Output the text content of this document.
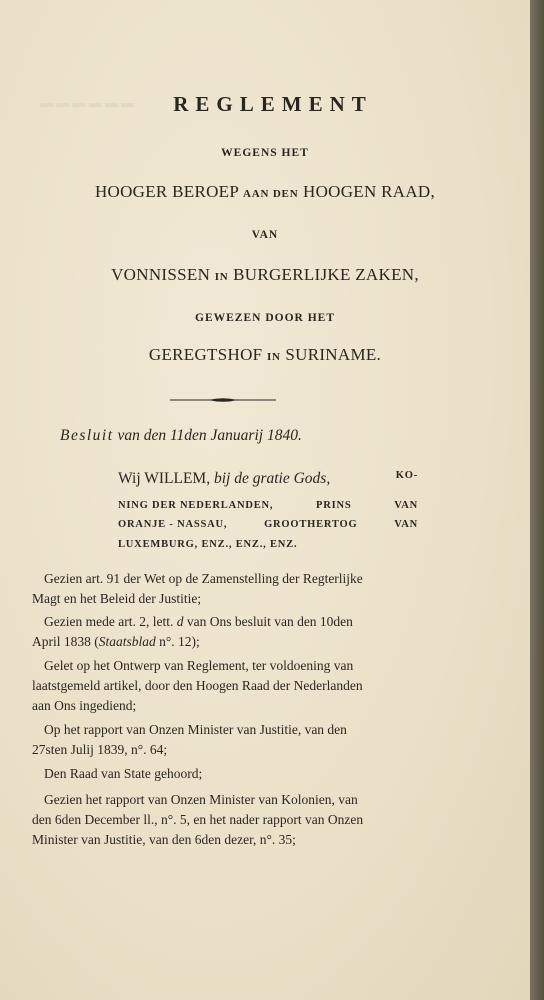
▬ ▬ ▬ ▬ ▬ ▬	REGLEMENT
WEGENS HET
HOOGER BEROEP AAN DEN HOOGEN RAAD,
VAN
VONNISSEN IN BURGERLIJKE ZAKEN,
GEWEZEN DOOR HET
GEREGTSHOF IN SURINAME.
Besluit van den 11den Januarij 1840.
Wij WILLEM, bij de gratie Gods,	KO-
NING DER NEDERLANDEN,	PRINS	VAN
ORANJE - NASSAU,	GROOTHERTOG	VAN
LUXEMBURG, ENZ., ENZ., ENZ.
Gezien art. 91 der Wet op de Zamenstelling der Regterlijke
Magt en het Beleid der Justitie;
Gezien mede art. 2, lett. d van Ons besluit van den 10den
April 1838 (Staatsblad n°. 12);
Gelet op het Ontwerp van Reglement, ter voldoening van
laatstgemeld artikel, door den Hoogen Raad der Nederlanden
aan Ons ingediend;
Op het rapport van Onzen Minister van Justitie, van den
27sten Julij 1839, n°. 64;
Den Raad van State gehoord;
Gezien het rapport van Onzen Minister van Kolonien, van
den 6den December ll., n°. 5, en het nader rapport van Onzen
Minister van Justitie, van den 6den dezer, n°. 35;
